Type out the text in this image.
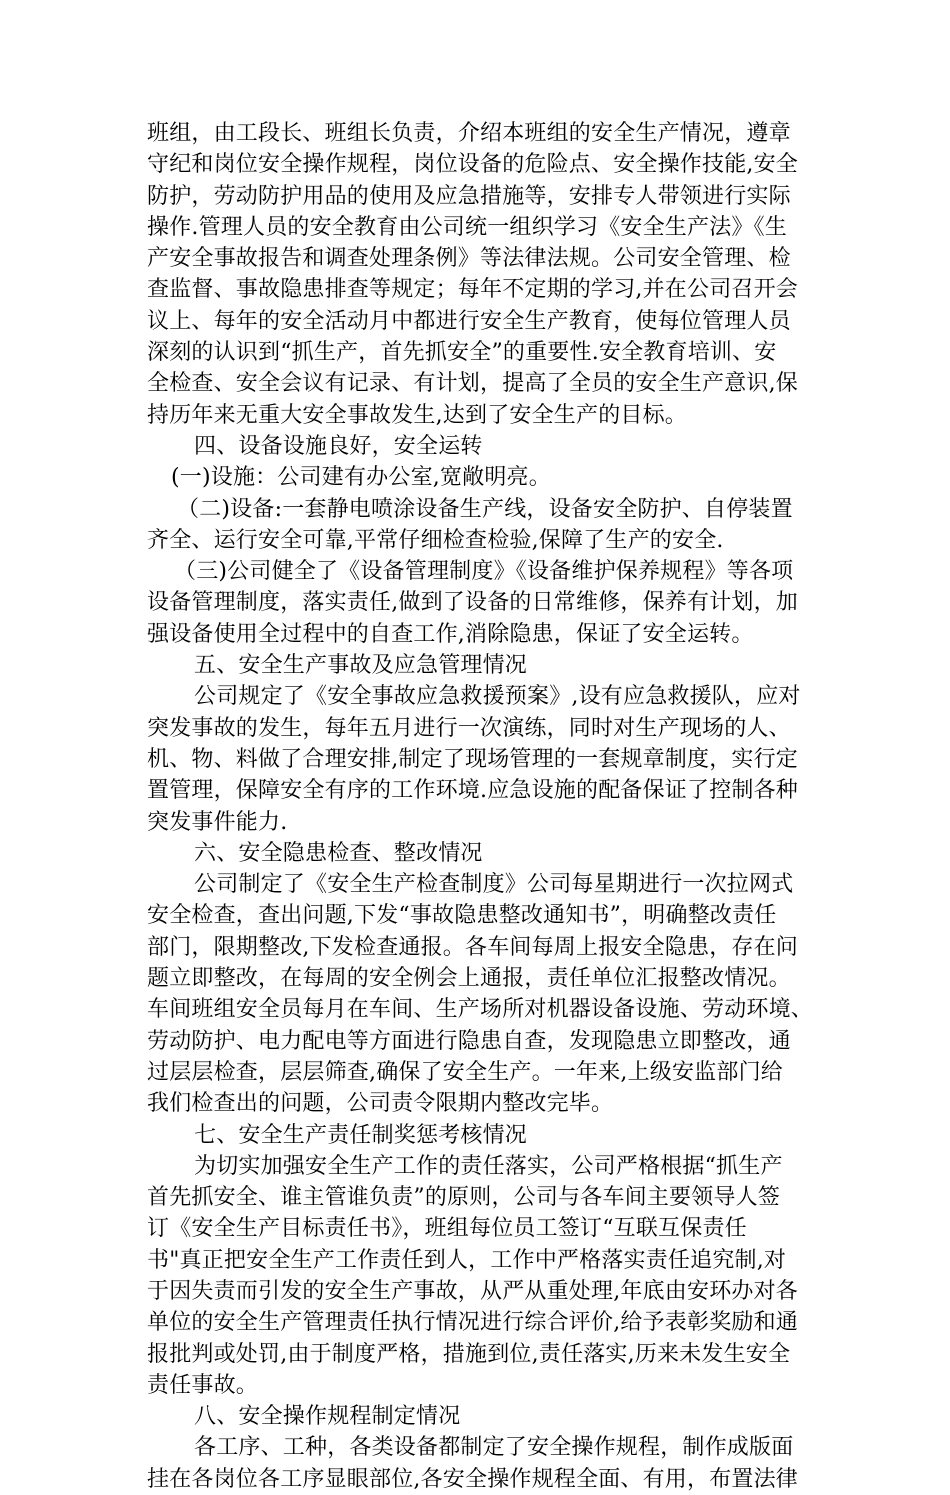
班组，由工段长、班组长负责，介绍本班组的安全生产情况，遵章
守纪和岗位安全操作规程，岗位设备的危险点、安全操作技能,安全
防护，劳动防护用品的使用及应急措施等，安排专人带领进行实际
操作.管理人员的安全教育由公司统一组织学习《安全生产法》《生
产安全事故报告和调查处理条例》等法律法规。公司安全管理、检
查监督、事故隐患排查等规定；每年不定期的学习,并在公司召开会
议上、每年的安全活动月中都进行安全生产教育，使每位管理人员
深刻的认识到“抓生产，首先抓安全”的重要性.安全教育培训、安
全检查、安全会议有记录、有计划，提高了全员的安全生产意识,保
持历年来无重大安全事故发生,达到了安全生产的目标。
四、设备设施良好，安全运转
(一)设施：公司建有办公室,宽敞明亮。
（二)设备:一套静电喷涂设备生产线，设备安全防护、自停装置
齐全、运行安全可靠,平常仔细检查检验,保障了生产的安全.
（三)公司健全了《设备管理制度》《设备维护保养规程》等各项
设备管理制度，落实责任,做到了设备的日常维修，保养有计划，加
强设备使用全过程中的自查工作,消除隐患，保证了安全运转。
五、安全生产事故及应急管理情况
公司规定了《安全事故应急救援预案》,设有应急救援队，应对
突发事故的发生，每年五月进行一次演练，同时对生产现场的人、
机、物、料做了合理安排,制定了现场管理的一套规章制度，实行定
置管理，保障安全有序的工作环境.应急设施的配备保证了控制各种
突发事件能力.
六、安全隐患检查、整改情况
公司制定了《安全生产检查制度》公司每星期进行一次拉网式
安全检查，查出问题,下发“事故隐患整改通知书”，明确整改责任
部门，限期整改,下发检查通报。各车间每周上报安全隐患，存在问
题立即整改，在每周的安全例会上通报，责任单位汇报整改情况。
车间班组安全员每月在车间、生产场所对机器设备设施、劳动环境、
劳动防护、电力配电等方面进行隐患自查，发现隐患立即整改，通
过层层检查，层层筛查,确保了安全生产。一年来,上级安监部门给
我们检查出的问题，公司责令限期内整改完毕。
七、安全生产责任制奖惩考核情况
为切实加强安全生产工作的责任落实，公司严格根据“抓生产
首先抓安全、谁主管谁负责”的原则，公司与各车间主要领导人签
订《安全生产目标责任书》，班组每位员工签订“互联互保责任
书"真正把安全生产工作责任到人，工作中严格落实责任追究制,对
于因失责而引发的安全生产事故，从严从重处理,年底由安环办对各
单位的安全生产管理责任执行情况进行综合评价,给予表彰奖励和通
报批判或处罚,由于制度严格，措施到位,责任落实,历来未发生安全
责任事故。
八、安全操作规程制定情况
各工序、工种，各类设备都制定了安全操作规程，制作成版面
挂在各岗位各工序显眼部位,各安全操作规程全面、有用，布置法律
